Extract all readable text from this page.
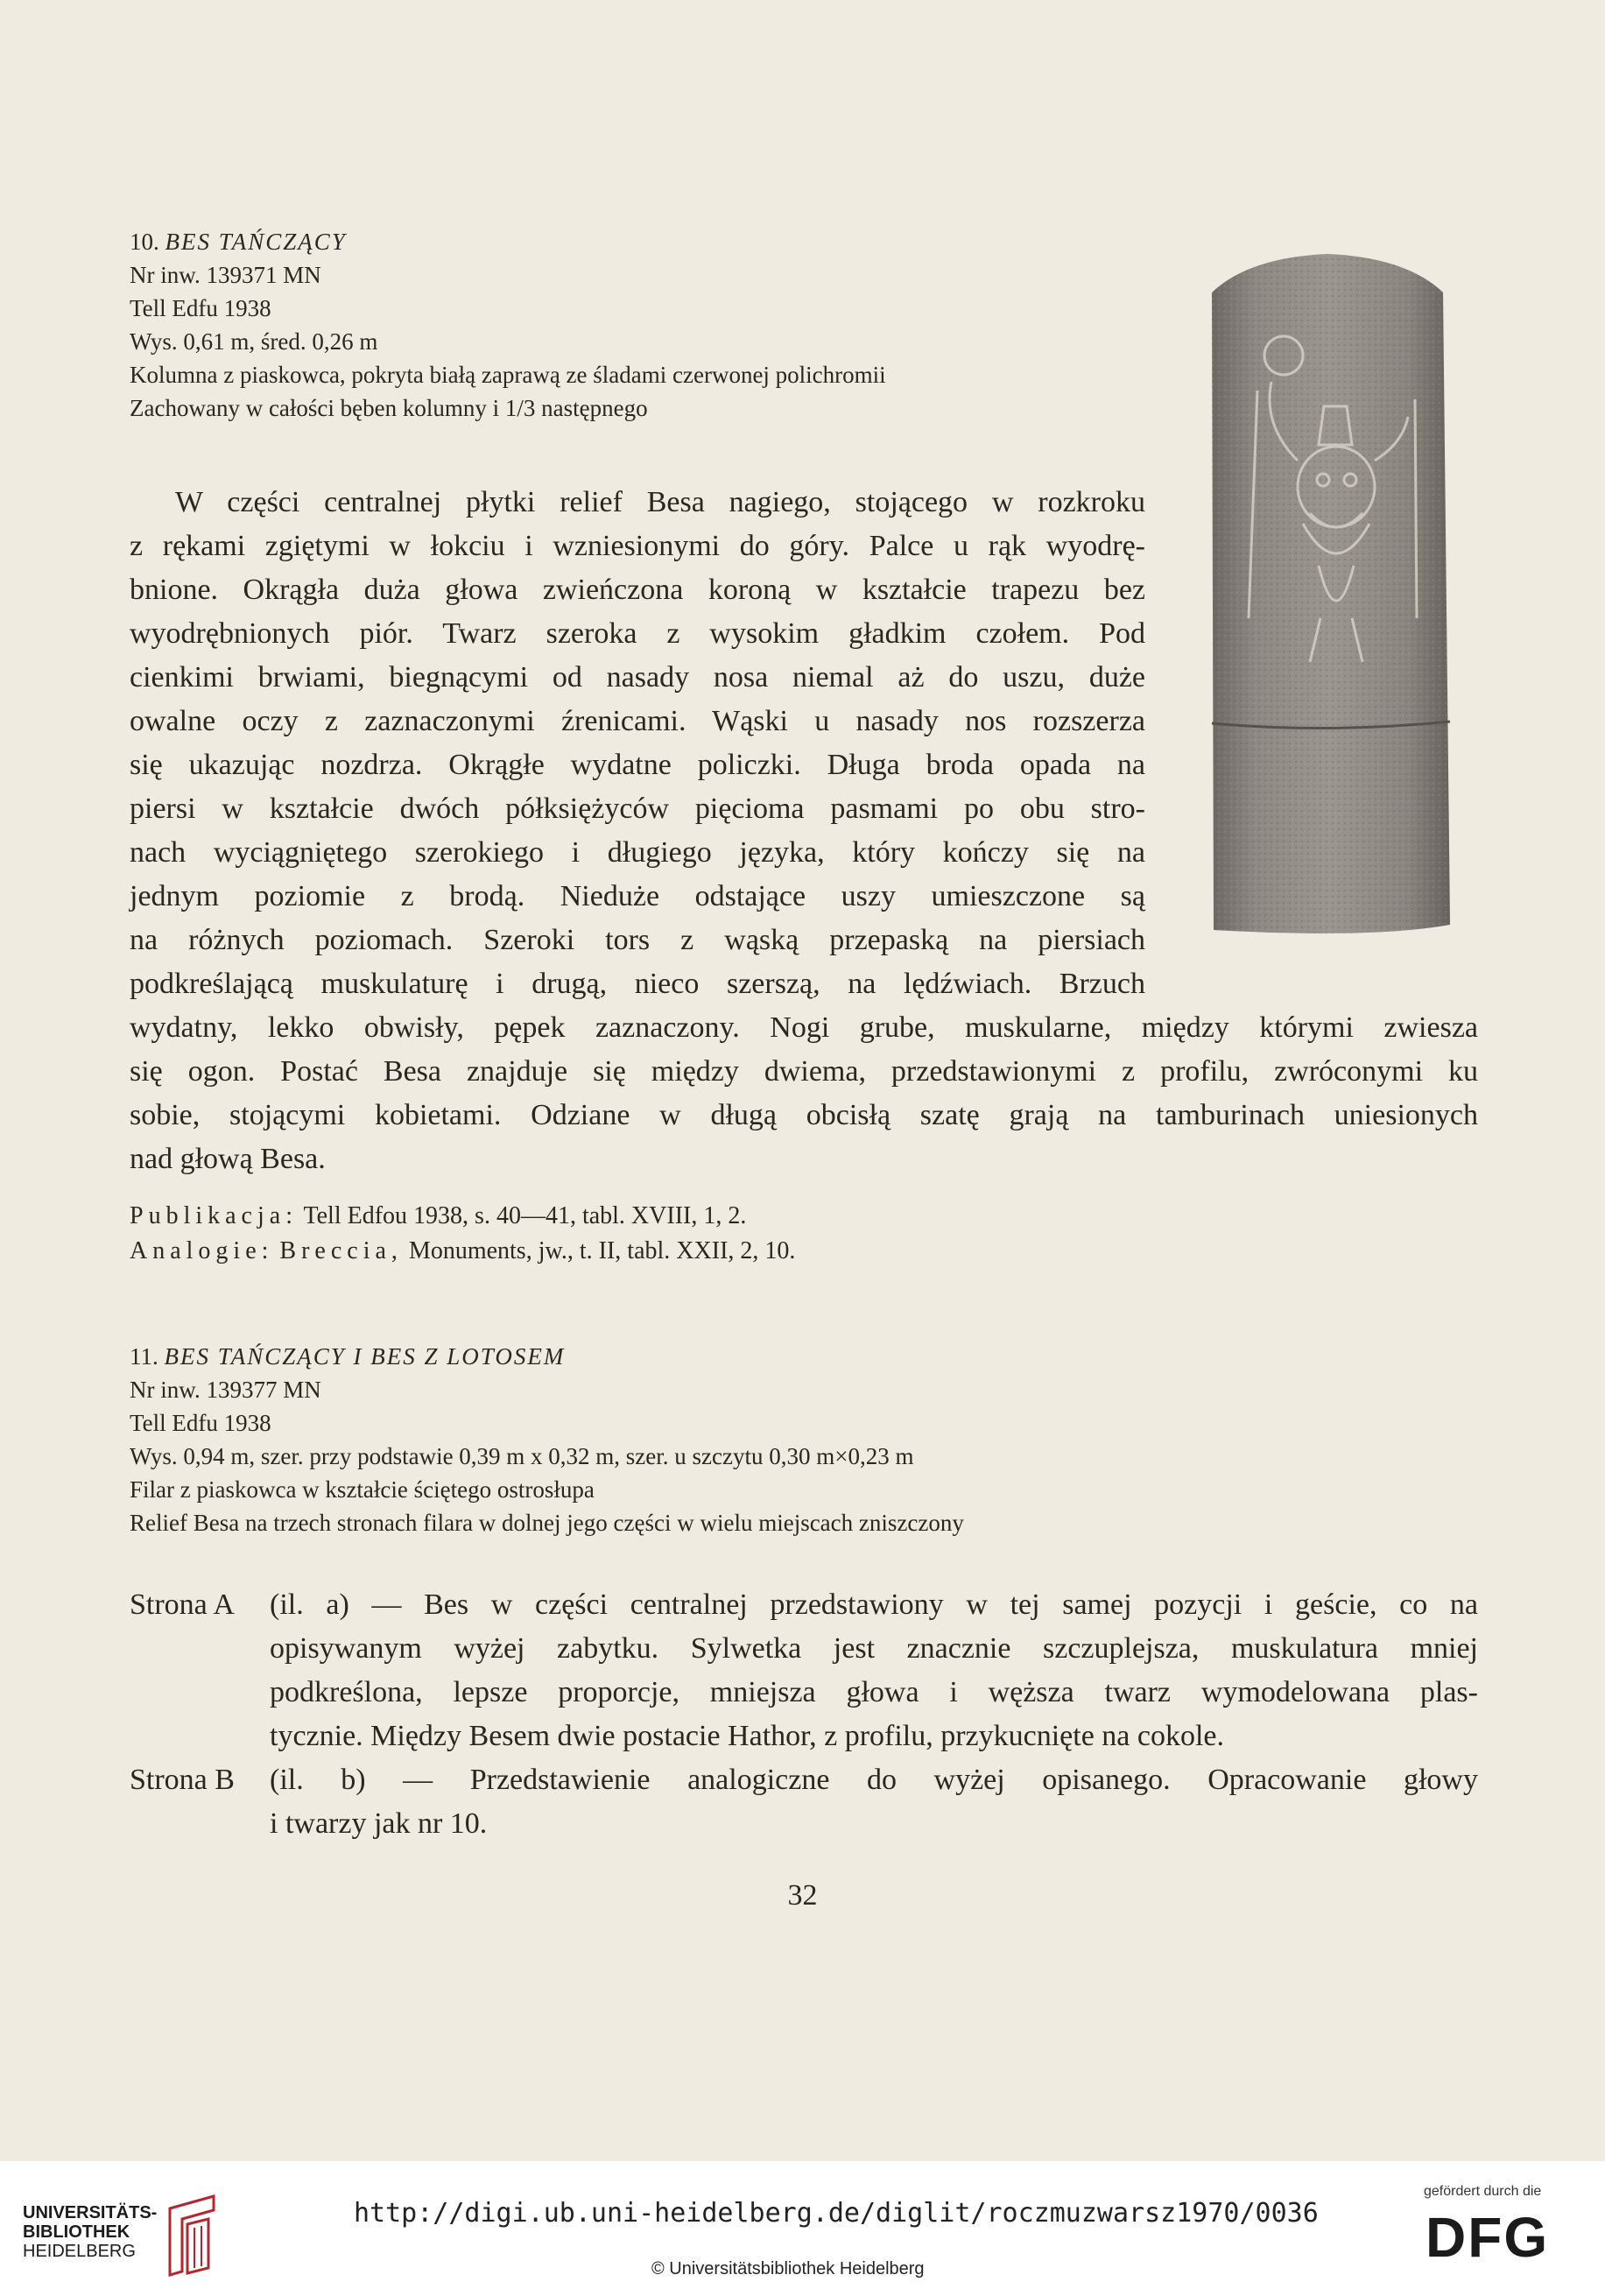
10. BES TAŃCZĄCY
Nr inw. 139371 MN
Tell Edfu 1938
Wys. 0,61 m, śred. 0,26 m
Kolumna z piaskowca, pokryta białą zaprawą ze śladami czerwonej polichromii
Zachowany w całości bęben kolumny i 1/3 następnego
W części centralnej płytki relief Besa nagiego, stojącego w rozkroku
z rękami zgiętymi w łokciu i wzniesionymi do góry. Palce u rąk wyodrę-
bnione. Okrągła duża głowa zwieńczona koroną w kształcie trapezu bez
wyodrębnionych piór. Twarz szeroka z wysokim gładkim czołem. Pod
cienkimi brwiami, biegnącymi od nasady nosa niemal aż do uszu, duże
owalne oczy z zaznaczonymi źrenicami. Wąski u nasady nos rozszerza
się ukazując nozdrza. Okrągłe wydatne policzki. Długa broda opada na
piersi w kształcie dwóch półksiężyców pięcioma pasmami po obu stro-
nach wyciągniętego szerokiego i długiego języka, który kończy się na
jednym poziomie z brodą. Nieduże odstające uszy umieszczone są
na różnych poziomach. Szeroki tors z wąską przepaską na piersiach
podkreślającą muskulaturę i drugą, nieco szerszą, na lędźwiach. Brzuch
wydatny, lekko obwisły, pępek zaznaczony. Nogi grube, muskularne, między którymi zwiesza
się ogon. Postać Besa znajduje się między dwiema, przedstawionymi z profilu, zwróconymi ku
sobie, stojącymi kobietami. Odziane w długą obcisłą szatę grają na tamburinach uniesionych
nad głową Besa.
Publikacja: Tell Edfou 1938, s. 40—41, tabl. XVIII, 1, 2.
Analogie: Breccia, Monuments, jw., t. II, tabl. XXII, 2, 10.
11. BES TAŃCZĄCY I BES Z LOTOSEM
Nr inw. 139377 MN
Tell Edfu 1938
Wys. 0,94 m, szer. przy podstawie 0,39 m x 0,32 m, szer. u szczytu 0,30 m×0,23 m
Filar z piaskowca w kształcie ściętego ostrosłupa
Relief Besa na trzech stronach filara w dolnej jego części w wielu miejscach zniszczony
Strona A (il. a) — Bes w części centralnej przedstawiony w tej samej pozycji i geście, co na
opisywanym wyżej zabytku. Sylwetka jest znacznie szczuplejsza, muskulatura mniej
podkreślona, lepsze proporcje, mniejsza głowa i węższa twarz wymodelowana plas-
tycznie. Między Besem dwie postacie Hathor, z profilu, przykucnięte na cokole.
Strona B (il. b) — Przedstawienie analogiczne do wyżej opisanego. Opracowanie głowy
i twarzy jak nr 10.
32
UNIVERSITÄTS-
BIBLIOTHEK
HEIDELBERG
http://digi.ub.uni-heidelberg.de/diglit/roczmuzwarsz1970/0036
© Universitätsbibliothek Heidelberg
gefördert durch die
DFG
